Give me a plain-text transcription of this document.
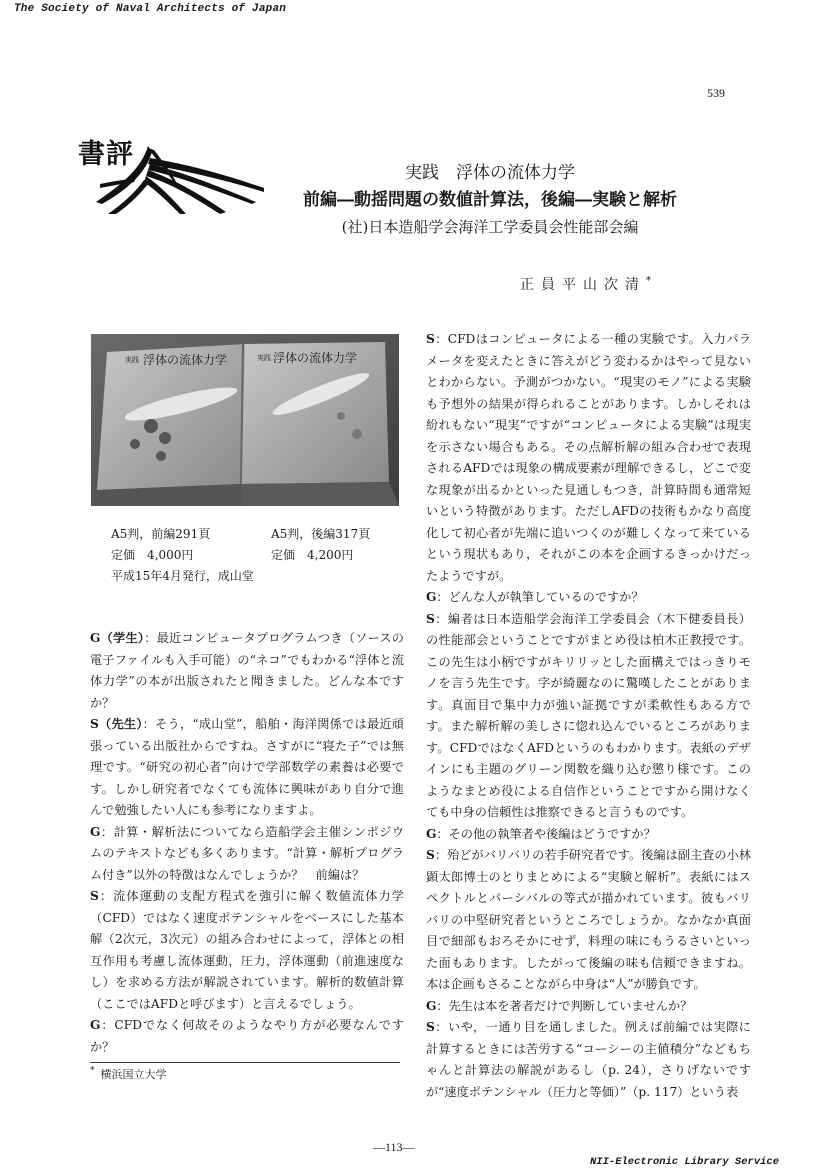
The Society of Naval Architects of Japan
539
書評
実践　浮体の流体力学
前編―動揺問題の数値計算法，後編―実験と解析
(社)日本造船学会海洋工学委員会性能部会編
正員平山次清*
実践 浮体の流体力学	実践 浮体の流体力学
A5判，前編291頁	A5判，後編317頁
定価　4,000円	定価　4,200円
平成15年4月発行，成山堂

G（学生）：最近コンピュータプログラムつき（ソースの電子ファイルも入手可能）の“ネコ”でもわかる“浮体と流体力学”の本が出版されたと聞きました。どんな本ですか？

S（先生）：そう，“成山堂”，船舶・海洋関係では最近頑張っている出版社からですね。さすがに“寝た子”では無理です。“研究の初心者”向けで学部数学の素養は必要です。しかし研究者でなくても流体に興味があり自分で進んで勉強したい人にも参考になりますよ。

G：計算・解析法についてなら造船学会主催シンポジウムのテキストなども多くあります。“計算・解析プログラム付き”以外の特徴はなんでしょうか？　前編は？

S：流体運動の支配方程式を強引に解く数値流体力学（CFD）ではなく速度ポテンシャルをベースにした基本解（2次元，3次元）の組み合わせによって，浮体との相互作用も考慮し流体運動，圧力，浮体運動（前進速度なし）を求める方法が解説されています。解析的数値計算（ここではAFDと呼びます）と言えるでしょう。

G：CFDでなく何故そのようなやり方が必要なんですか？

S：CFDはコンピュータによる一種の実験です。入力パラメータを変えたときに答えがどう変わるかはやって見ないとわからない。予測がつかない。“現実のモノ”による実験も予想外の結果が得られることがあります。しかしそれは紛れもない“現実”ですが“コンピュータによる実験”は現実を示さない場合もある。その点解析解の組み合わせで表現されるAFDでは現象の構成要素が理解できるし，どこで変な現象が出るかといった見通しもつき，計算時間も通常短いという特徴があります。ただしAFDの技術もかなり高度化して初心者が先端に追いつくのが難しくなって来ているという現状もあり，それがこの本を企画するきっかけだったようですが。

G：どんな人が執筆しているのですか？

S：編者は日本造船学会海洋工学委員会（木下健委員長）の性能部会ということですがまとめ役は柏木正教授です。この先生は小柄ですがキリリッとした面構えではっきりモノを言う先生です。字が綺麗なのに驚嘆したことがあります。真面目で集中力が強い証拠ですが柔軟性もある方です。また解析解の美しさに惚れ込んでいるところがあります。CFDではなくAFDというのもわかります。表紙のデザインにも主題のグリーン関数を織り込む懲り様です。このようなまとめ役による自信作ということですから開けなくても中身の信頼性は推察できると言うものです。

G：その他の執筆者や後編はどうですか？

S：殆どがバリバリの若手研究者です。後編は副主査の小林顕太郎博士のとりまとめによる“実験と解析”。表紙にはスペクトルとパーシバルの等式が描かれています。彼もバリバリの中堅研究者というところでしょうか。なかなか真面目で細部もおろそかにせず，料理の味にもうるさいといった面もあります。したがって後編の味も信頼できますね。本は企画もさることながら中身は“人”が勝負です。

G：先生は本を著者だけで判断していませんか？

S：いや，一通り目を通しました。例えば前編では実際に計算するときには苦労する“コーシーの主値積分”などもちゃんと計算法の解説があるし（p. 24），さりげないですが“速度ポテンシャル（圧力と等価）”（p. 117）という表

* 横浜国立大学
―113―
NII-Electronic Library Service
